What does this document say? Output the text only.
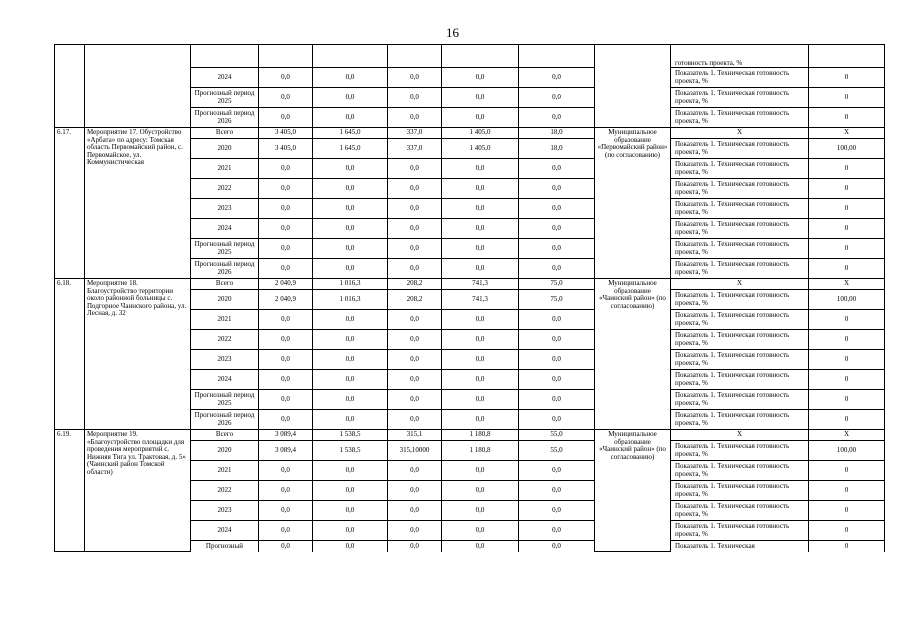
16
									готовность проекта, %	
		2024	0,0	0,0	0,0	0,0	0,0		Показатель 1. Техническая готовность проекта, %	0
		Прогнозный период 2025	0,0	0,0	0,0	0,0	0,0		Показатель 1. Техническая готовность проекта, %	0
		Прогнозный период 2026	0,0	0,0	0,0	0,0	0,0		Показатель 1. Техническая готовность проекта, %	0
6.17.	Мероприятие 17. Обустройство «Арбата» по адресу: Томская область Первомайский район, с. Первомайское, ул. Коммунистическая	Всего	3 405,0	1 645,0	337,0	1 405,0	18,0	Муниципальное образование «Первомайский район» (по согласованию)	X	X
		2020	3 405,0	1 645,0	337,0	1 405,0	18,0		Показатель 1. Техническая готовность проекта, %	100,00
		2021	0,0	0,0	0,0	0,0	0,0		Показатель 1. Техническая готовность проекта, %	0
		2022	0,0	0,0	0,0	0,0	0,0		Показатель 1. Техническая готовность проекта, %	0
		2023	0,0	0,0	0,0	0,0	0,0		Показатель 1. Техническая готовность проекта, %	0
		2024	0,0	0,0	0,0	0,0	0,0		Показатель 1. Техническая готовность проекта, %	0
		Прогнозный период 2025	0,0	0,0	0,0	0,0	0,0		Показатель 1. Техническая готовность проекта, %	0
		Прогнозный период 2026	0,0	0,0	0,0	0,0	0,0		Показатель 1. Техническая готовность проекта, %	0
6.18.	Мероприятие 18. Благоустройство территории около районной больницы с. Подгорное Чаинского района, ул. Лесная, д. 32	Всего	2 040,9	1 016,3	208,2	741,3	75,0	Муниципальное образование «Чаинский район» (по согласованию)	X	X
		2020	2 040,9	1 016,3	208,2	741,3	75,0		Показатель 1. Техническая готовность проекта, %	100,00
		2021	0,0	0,0	0,0	0,0	0,0		Показатель 1. Техническая готовность проекта, %	0
		2022	0,0	0,0	0,0	0,0	0,0		Показатель 1. Техническая готовность проекта, %	0
		2023	0,0	0,0	0,0	0,0	0,0		Показатель 1. Техническая готовность проекта, %	0
		2024	0,0	0,0	0,0	0,0	0,0		Показатель 1. Техническая готовность проекта, %	0
		Прогнозный период 2025	0,0	0,0	0,0	0,0	0,0		Показатель 1. Техническая готовность проекта, %	0
		Прогнозный период 2026	0,0	0,0	0,0	0,0	0,0		Показатель 1. Техническая готовность проекта, %	0
6.19.	Мероприятие 19. «Благоустройство площадки для проведения мероприятий с. Нижняя Тига ул. Трактовая, д. 5» (Чаинский район Томской области)	Всего	3 089,4	1 538,5	315,1	1 180,8	55,0	Муниципальное образование «Чаинский район» (по согласованию)	X	X
		2020	3 089,4	1 538,5	315,10000	1 180,8	55,0		Показатель 1. Техническая готовность проекта, %	100,00
		2021	0,0	0,0	0,0	0,0	0,0		Показатель 1. Техническая готовность проекта, %	0
		2022	0,0	0,0	0,0	0,0	0,0		Показатель 1. Техническая готовность проекта, %	0
		2023	0,0	0,0	0,0	0,0	0,0		Показатель 1. Техническая готовность проекта, %	0
		2024	0,0	0,0	0,0	0,0	0,0		Показатель 1. Техническая готовность проекта, %	0
		Прогнозный	0,0	0,0	0,0	0,0	0,0		Показатель 1. Техническая	0
